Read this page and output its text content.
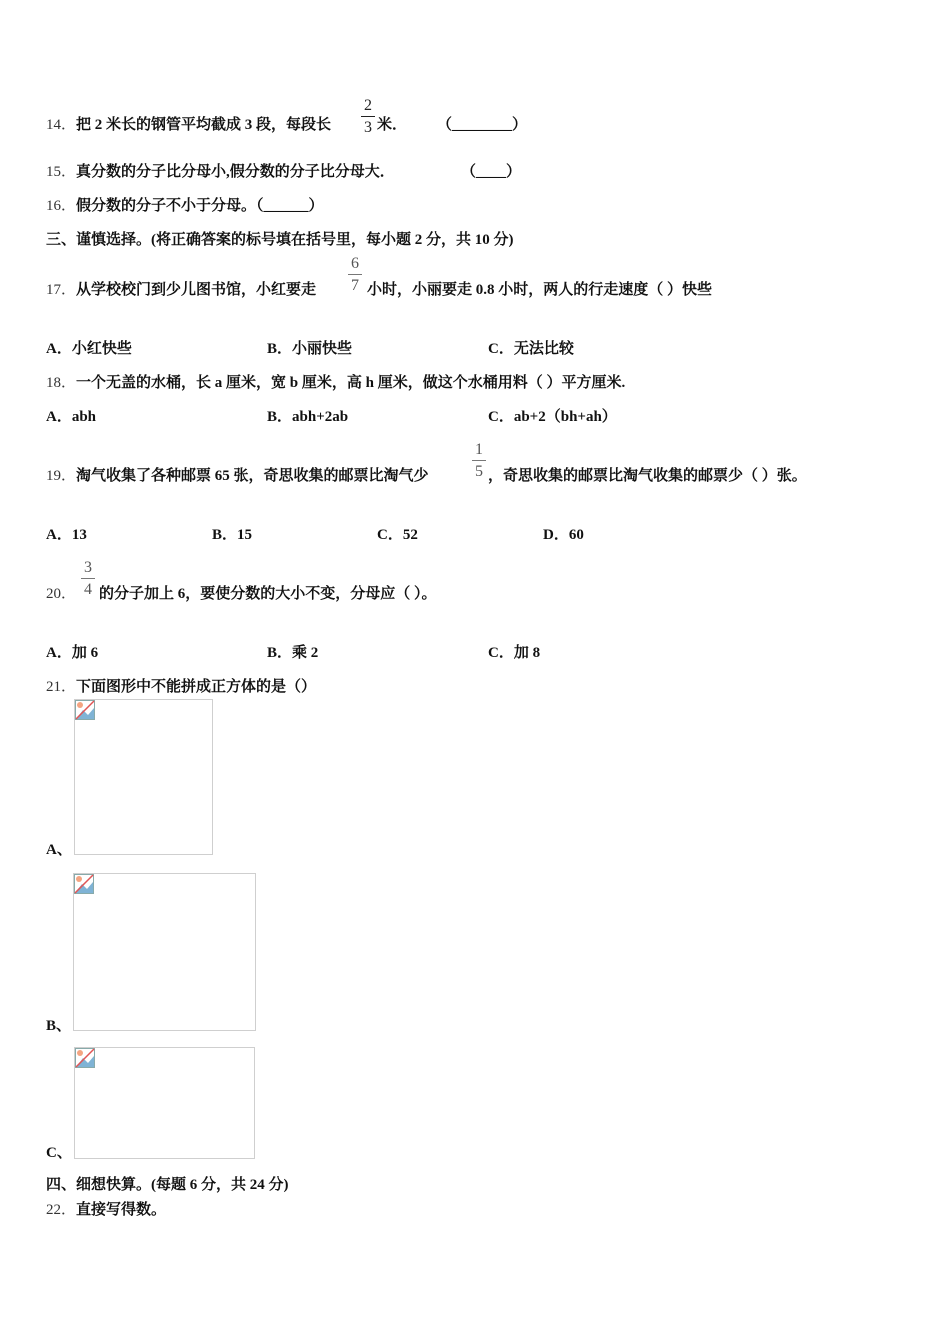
14．把 2 米长的钢管平均截成 3 段，每段长
2
3 米． （________）
15．真分数的分子比分母小,假分数的分子比分母大．	（____）
16．假分数的分子不小于分母。（______）
三、谨慎选择。(将正确答案的标号填在括号里，每小题 2 分，共 10 分)
17．从学校校门到少儿图书馆，小红要走
6
7 小时，小丽要走 0.8 小时，两人的行走速度（ ）快些
A．小红快些	B．小丽快些	C．无法比较
18．一个无盖的水桶，长 a 厘米，宽 b 厘米，高 h 厘米，做这个水桶用料（ ）平方厘米.
A．abh	B．abh+2ab	C．ab+2（bh+ah）
19．淘气收集了各种邮票 65 张，奇思收集的邮票比淘气少
1
5 ，奇思收集的邮票比淘气收集的邮票少（ ）张。
A．13	B．15	C．52	D．60
20．
3
4 的分子加上 6，要使分数的大小不变，分母应（ ）。
A．加 6	B．乘 2	C．加 8
21．下面图形中不能拼成正方体的是（）
A、
B、
C、
四、细想快算。(每题 6 分，共 24 分)
22．直接写得数。
